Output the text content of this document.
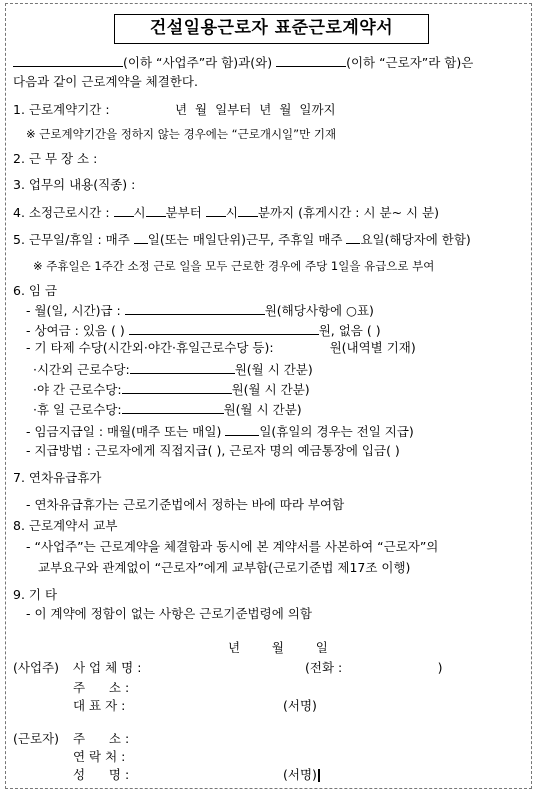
건설일용근로자 표준근로계약서
(이하 “사업주”라 함)과(와)	(이하 “근로자”라 함)은
다음과 같이 근로계약을 체결한다.
1. 근로계약기간 :	년 월 일부터 년 월 일까지
※ 근로계약기간을 정하지 않는 경우에는 “근로개시일”만 기재
2. 근 무 장 소 :
3. 업무의 내용(직종) :
4. 소정근로시간 : 시 분부터 시 분까지 (휴게시간 : 시 분~ 시 분)
5. 근무일/휴일 : 매주 일(또는 매일단위)근무, 주휴일 매주 요일(해당자에 한함)
※ 주휴일은 1주간 소정 근로 일을 모두 근로한 경우에 주당 1일을 유급으로 부여
6. 임 금
- 월(일, 시간)급 :	원(해당사항에 ○표)
- 상여금 : 있음 ( )	원, 없음 ( )
- 기 타제 수당(시간외·야간·휴일근로수당 등):	원(내역별 기재)
·시간외 근로수당:	원(월 시 간분)
·야 간 근로수당:	원(월 시 간분)
·휴 일 근로수당:	원(월 시 간분)
- 임금지급일 : 매월(매주 또는 매일)	일(휴일의 경우는 전일 지급)
- 지급방법 : 근로자에게 직접지급( ), 근로자 명의 예금통장에 입금( )
7. 연차유급휴가
- 연차유급휴가는 근로기준법에서 정하는 바에 따라 부여함
8. 근로계약서 교부
- “사업주”는 근로계약을 체결함과 동시에 본 계약서를 사본하여 “근로자”의
교부요구와 관계없이 “근로자”에게 교부함(근로기준법 제17조 이행)
9. 기 타
- 이 계약에 정함이 없는 사항은 근로기준법령에 의함
년        월        일
(사업주) 사 업 체 명 :	(전화 :                        )
주      소 :
대 표 자 :	(서명)
(근로자) 주      소 :
연 락 처 :
성      명 :	(서명)
